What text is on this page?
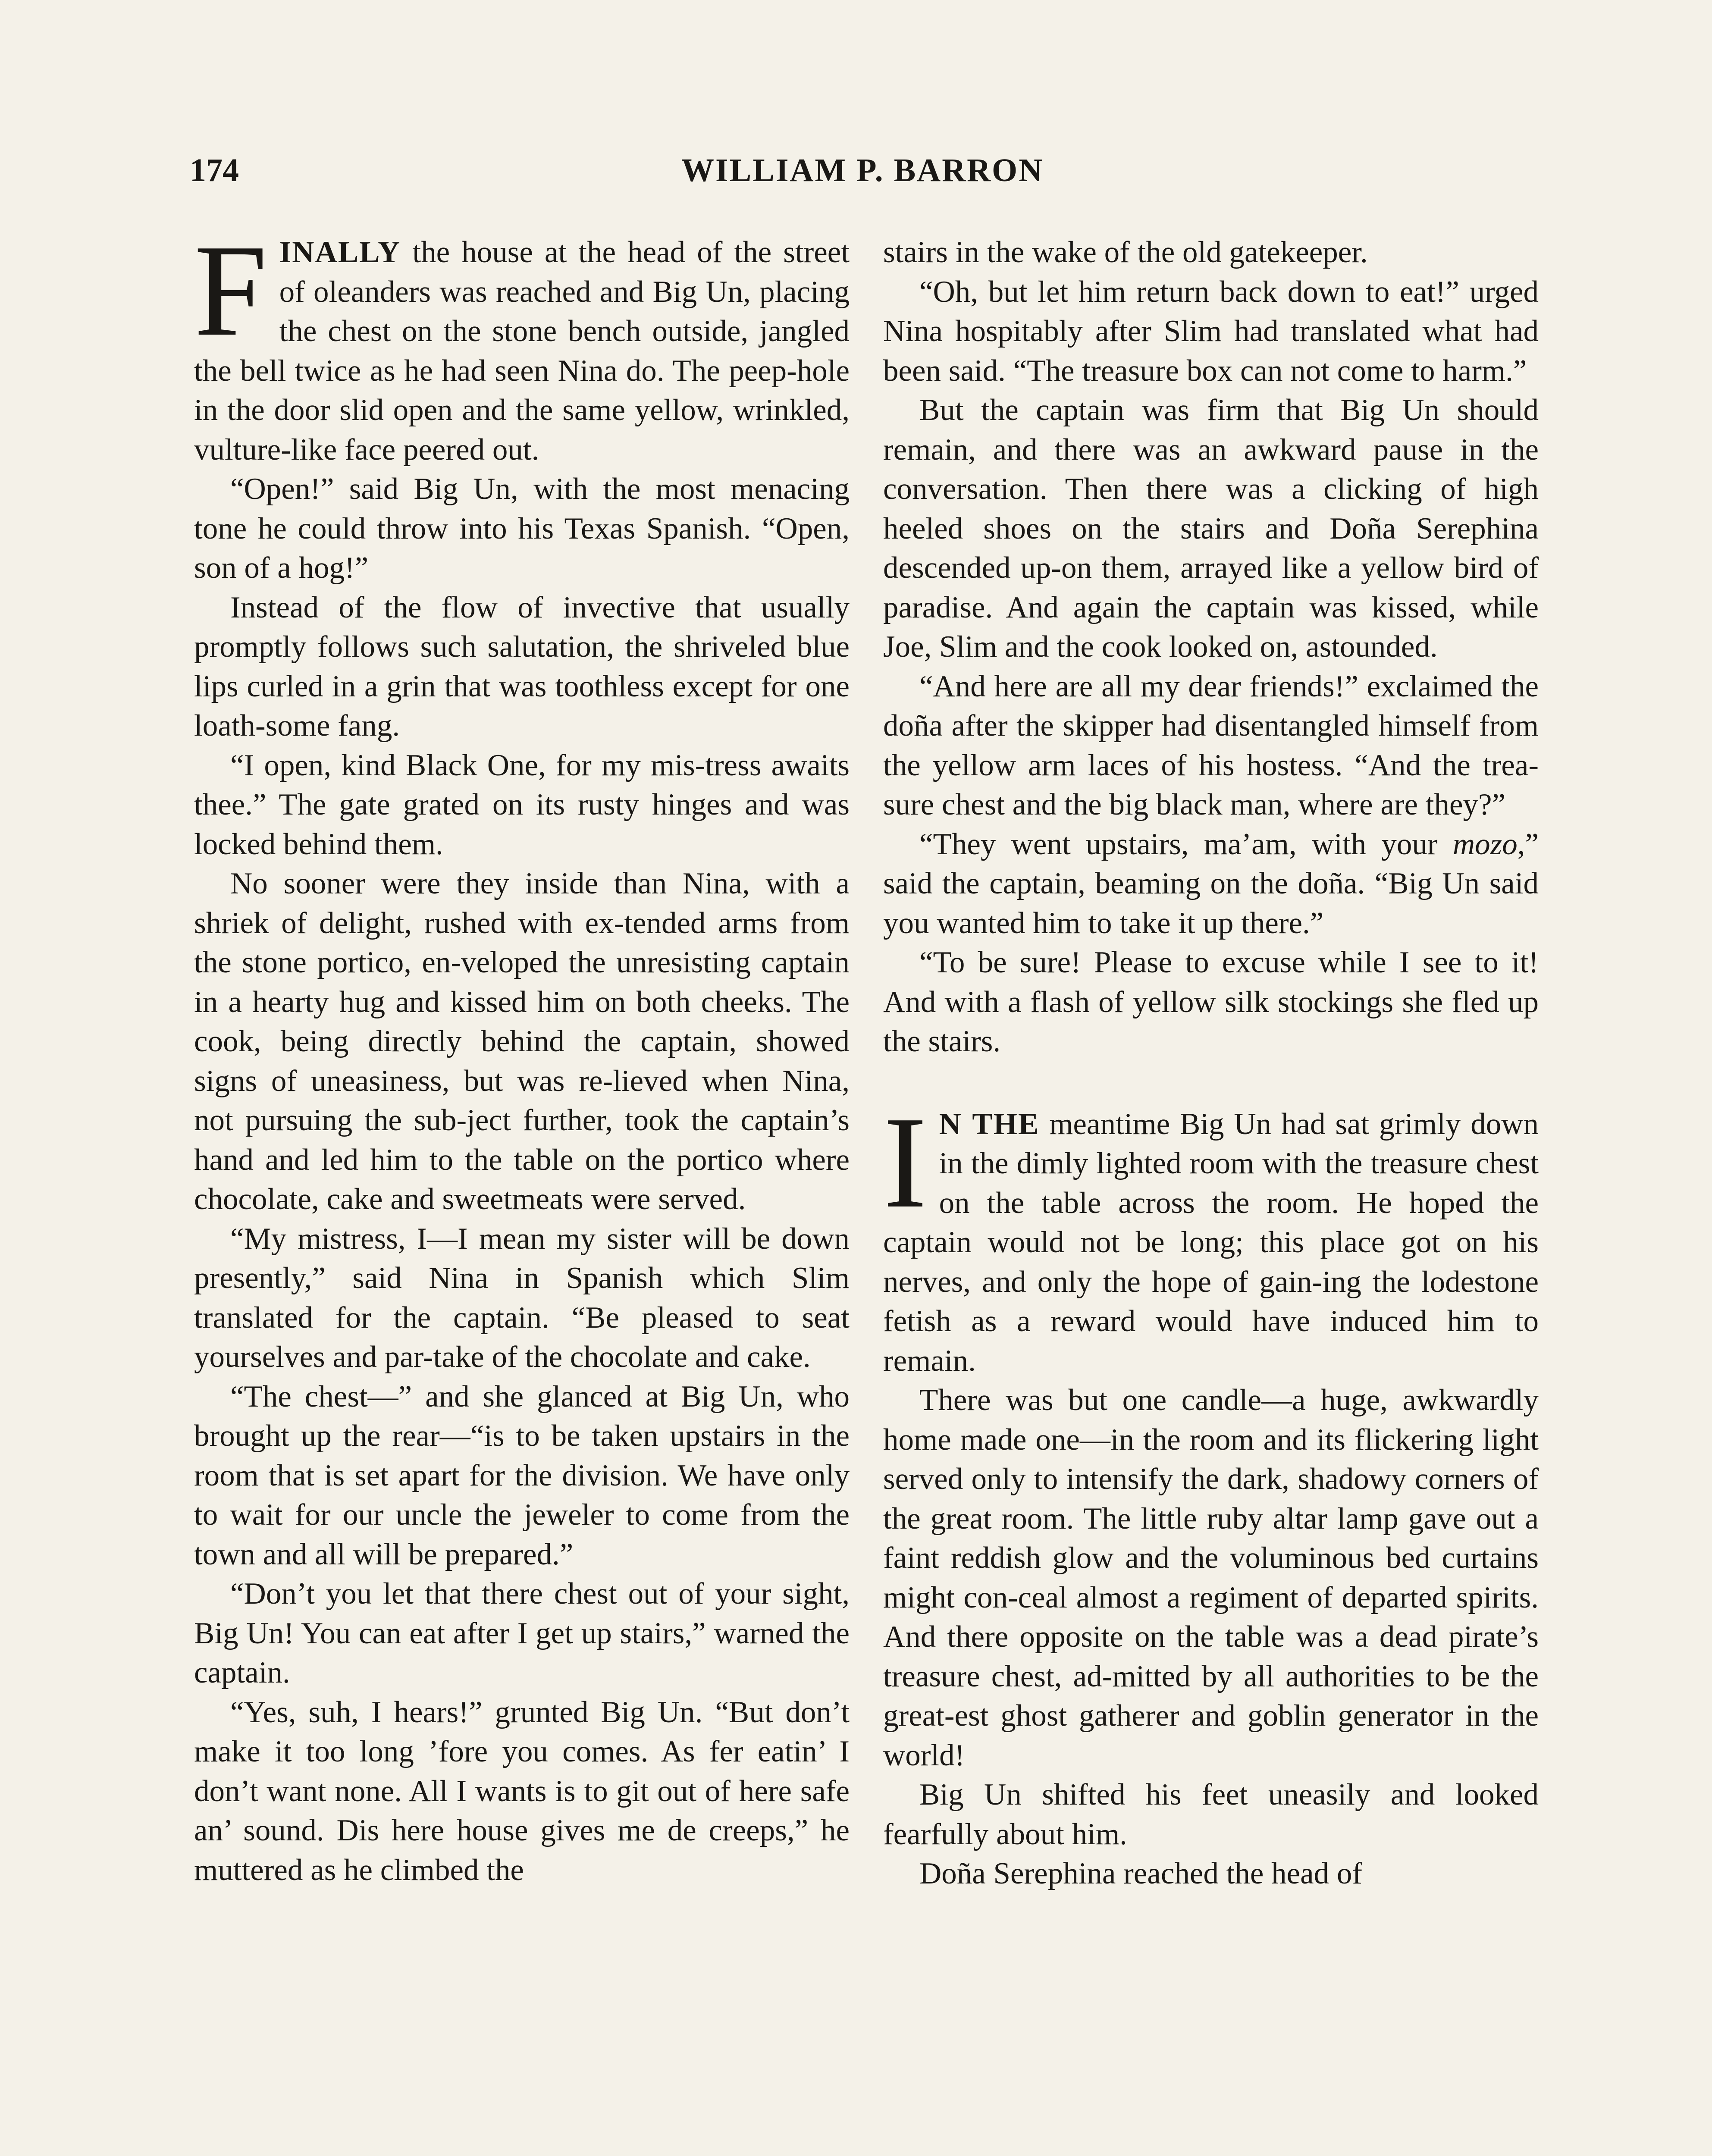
174	WILLIAM P. BARRON

FINALLY the house at the head of the street of oleanders was reached and Big Un, placing the chest on the stone bench outside, jangled the bell twice as he had seen Nina do. The peep-hole in the door slid open and the same yellow, wrinkled, vulture-like face peered out.

“Open!” said Big Un, with the most menacing tone he could throw into his Texas Spanish. “Open, son of a hog!”

Instead of the flow of invective that usually promptly follows such salutation, the shriveled blue lips curled in a grin that was toothless except for one loath-some fang.

“I open, kind Black One, for my mis-tress awaits thee.” The gate grated on its rusty hinges and was locked behind them.

No sooner were they inside than Nina, with a shriek of delight, rushed with ex-tended arms from the stone portico, en-veloped the unresisting captain in a hearty hug and kissed him on both cheeks. The cook, being directly behind the captain, showed signs of uneasiness, but was re-lieved when Nina, not pursuing the sub-ject further, took the captain’s hand and led him to the table on the portico where chocolate, cake and sweetmeats were served.

“My mistress, I—I mean my sister will be down presently,” said Nina in Spanish which Slim translated for the captain. “Be pleased to seat yourselves and par-take of the chocolate and cake.

“The chest—” and she glanced at Big Un, who brought up the rear—“is to be taken upstairs in the room that is set apart for the division. We have only to wait for our uncle the jeweler to come from the town and all will be prepared.”

“Don’t you let that there chest out of your sight, Big Un! You can eat after I get up stairs,” warned the captain.

“Yes, suh, I hears!” grunted Big Un. “But don’t make it too long ’fore you comes. As fer eatin’ I don’t want none. All I wants is to git out of here safe an’ sound. Dis here house gives me de creeps,” he muttered as he climbed the

stairs in the wake of the old gatekeeper.

“Oh, but let him return back down to eat!” urged Nina hospitably after Slim had translated what had been said. “The treasure box can not come to harm.”

But the captain was firm that Big Un should remain, and there was an awkward pause in the conversation. Then there was a clicking of high heeled shoes on the stairs and Doña Serephina descended up-on them, arrayed like a yellow bird of paradise. And again the captain was kissed, while Joe, Slim and the cook looked on, astounded.

“And here are all my dear friends!” exclaimed the doña after the skipper had disentangled himself from the yellow arm laces of his hostess. “And the trea-sure chest and the big black man, where are they?”

“They went upstairs, ma’am, with your mozo,” said the captain, beaming on the doña. “Big Un said you wanted him to take it up there.”

“To be sure! Please to excuse while I see to it! And with a flash of yellow silk stockings she fled up the stairs.

I N THE meantime Big Un had sat grimly down in the dimly lighted room with the treasure chest on the table across the room. He hoped the captain would not be long; this place got on his nerves, and only the hope of gain-ing the lodestone fetish as a reward would have induced him to remain.

There was but one candle—a huge, awkwardly home made one—in the room and its flickering light served only to intensify the dark, shadowy corners of the great room. The little ruby altar lamp gave out a faint reddish glow and the voluminous bed curtains might con-ceal almost a regiment of departed spirits. And there opposite on the table was a dead pirate’s treasure chest, ad-mitted by all authorities to be the great-est ghost gatherer and goblin generator in the world!

Big Un shifted his feet uneasily and looked fearfully about him.

Doña Serephina reached the head of
